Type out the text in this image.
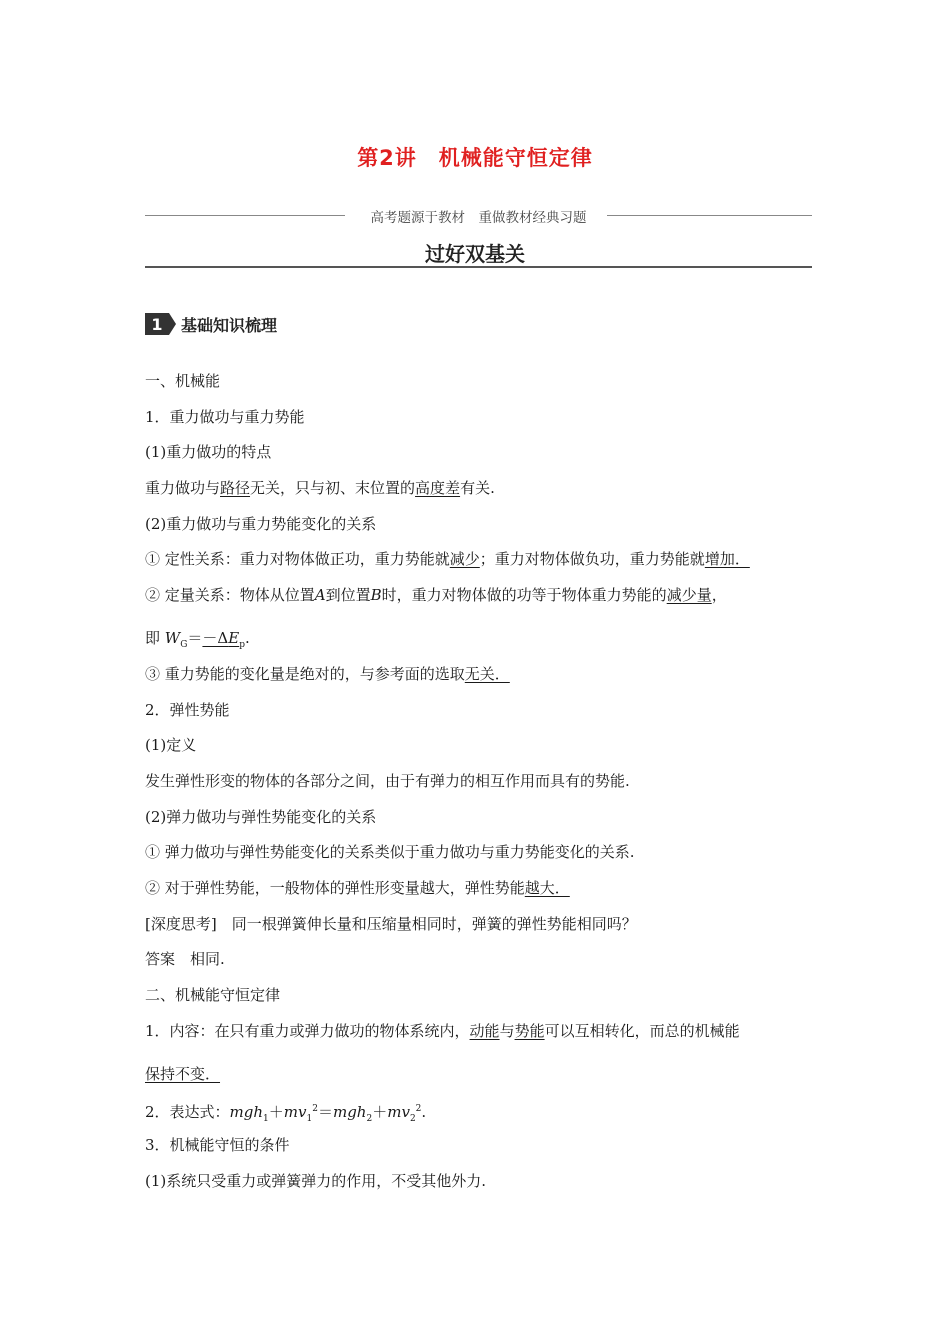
第2讲　机械能守恒定律
高考题源于教材　重做教材经典习题
过好双基关
1	基础知识梳理
一、机械能
1．重力做功与重力势能
(1)重力做功的特点
重力做功与路径无关，只与初、末位置的高度差有关.
(2)重力做功与重力势能变化的关系
① 定性关系：重力对物体做正功，重力势能就减少；重力对物体做负功，重力势能就增加．
② 定量关系：物体从位置A到位置B时，重力对物体做的功等于物体重力势能的减少量，
即 $W_G=-\Delta E_p$.
③ 重力势能的变化量是绝对的，与参考面的选取无关．
2．弹性势能
(1)定义
发生弹性形变的物体的各部分之间，由于有弹力的相互作用而具有的势能.
(2)弹力做功与弹性势能变化的关系
① 弹力做功与弹性势能变化的关系类似于重力做功与重力势能变化的关系.
② 对于弹性势能，一般物体的弹性形变量越大，弹性势能越大．
[深度思考]　同一根弹簧伸长量和压缩量相同时，弹簧的弹性势能相同吗？
答案　相同.
二、机械能守恒定律
1．内容：在只有重力或弹力做功的物体系统内，动能与势能可以互相转化，而总的机械能
保持不变．
2．表达式：$mgh_1+mv_1^2=mgh_2+mv_2^2$.
3．机械能守恒的条件
(1)系统只受重力或弹簧弹力的作用，不受其他外力.
